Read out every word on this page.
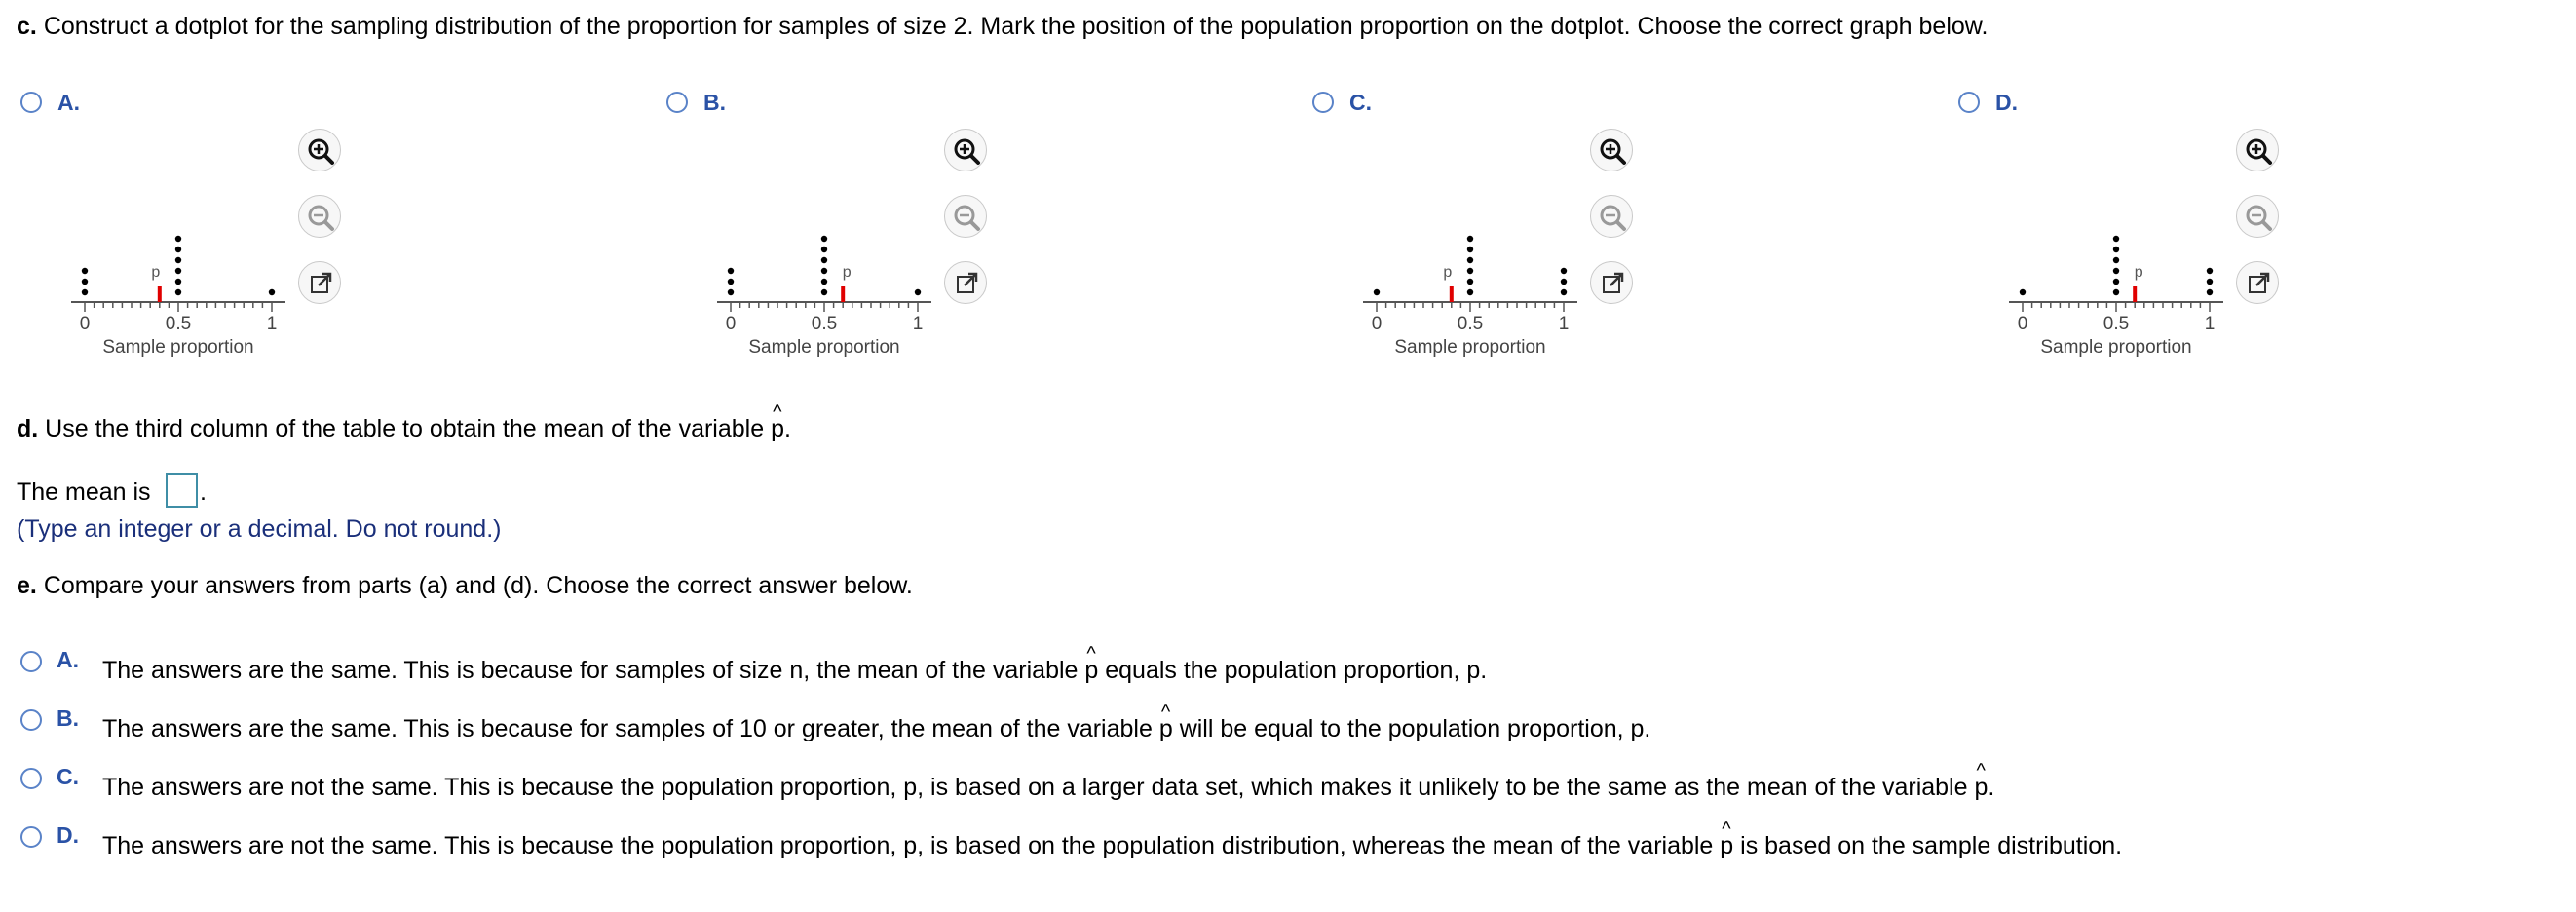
c. Construct a dotplot for the sampling distribution of the proportion for samples of size 2. Mark the position of the population proportion on the dotplot. Choose the correct graph below.
A.
p
0	0.5	1
Sample proportion
B.
p
0	0.5	1
Sample proportion
C.
p
0	0.5	1
Sample proportion
D.
p
0	0.5	1
Sample proportion
d. Use the third column of the table to obtain the mean of the variable ^ p.
The mean is .
(Type an integer or a decimal. Do not round.)
e. Compare your answers from parts (a) and (d). Choose the correct answer below.
A. The answers are the same. This is because for samples of size n, the mean of the variable ^ p equals the population proportion, p.
B. The answers are the same. This is because for samples of 10 or greater, the mean of the variable ^ p will be equal to the population proportion, p.
C. The answers are not the same. This is because the population proportion, p, is based on a larger data set, which makes it unlikely to be the same as the mean of the variable ^ p.
D. The answers are not the same. This is because the population proportion, p, is based on the population distribution, whereas the mean of the variable ^ p is based on the sample distribution.
